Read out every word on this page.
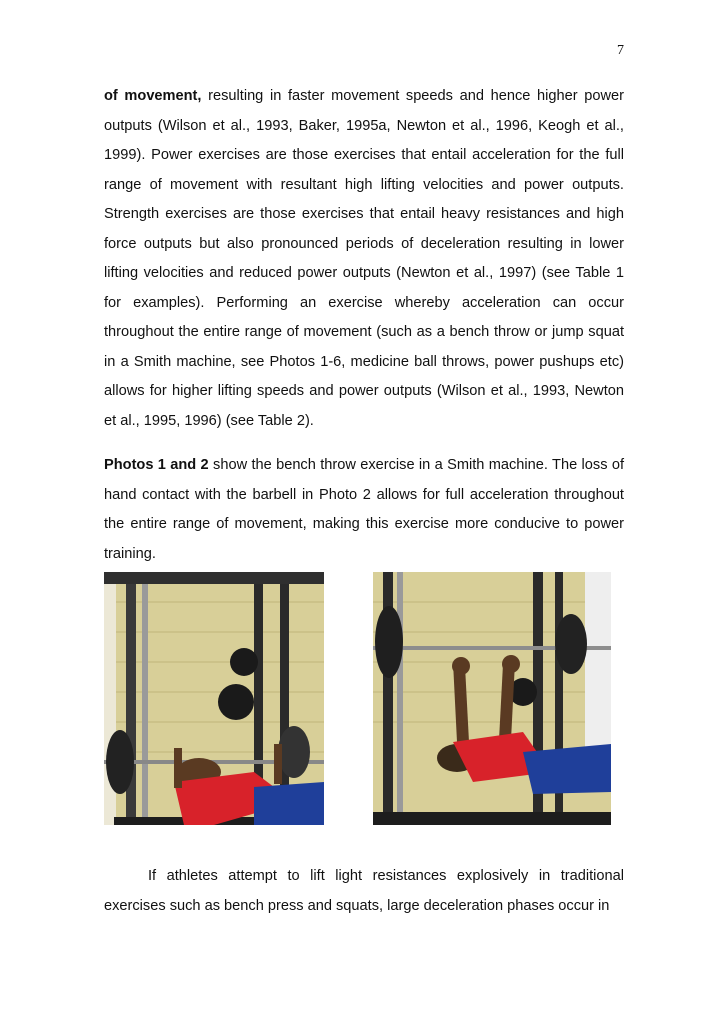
7

of movement, resulting in faster movement speeds and hence higher power outputs (Wilson et al., 1993, Baker, 1995a, Newton et al., 1996, Keogh et al., 1999). Power exercises are those exercises that entail acceleration for the full range of movement with resultant high lifting velocities and power outputs. Strength exercises are those exercises that entail heavy resistances and high force outputs but also pronounced periods of deceleration resulting in lower lifting velocities and reduced power outputs (Newton et al., 1997) (see Table 1 for examples). Performing an exercise whereby acceleration can occur throughout the entire range of movement (such as a bench throw or jump squat in a Smith machine, see Photos 1-6, medicine ball throws, power pushups etc) allows for higher lifting speeds and power outputs (Wilson et al., 1993, Newton et al., 1995, 1996) (see Table 2).

Photos 1 and 2 show the bench throw exercise in a Smith machine. The loss of hand contact with the barbell in Photo 2 allows for full acceleration throughout the entire range of movement, making this exercise more conducive to power training.

If athletes attempt to lift light resistances explosively in traditional exercises such as bench press and squats, large deceleration phases occur in
